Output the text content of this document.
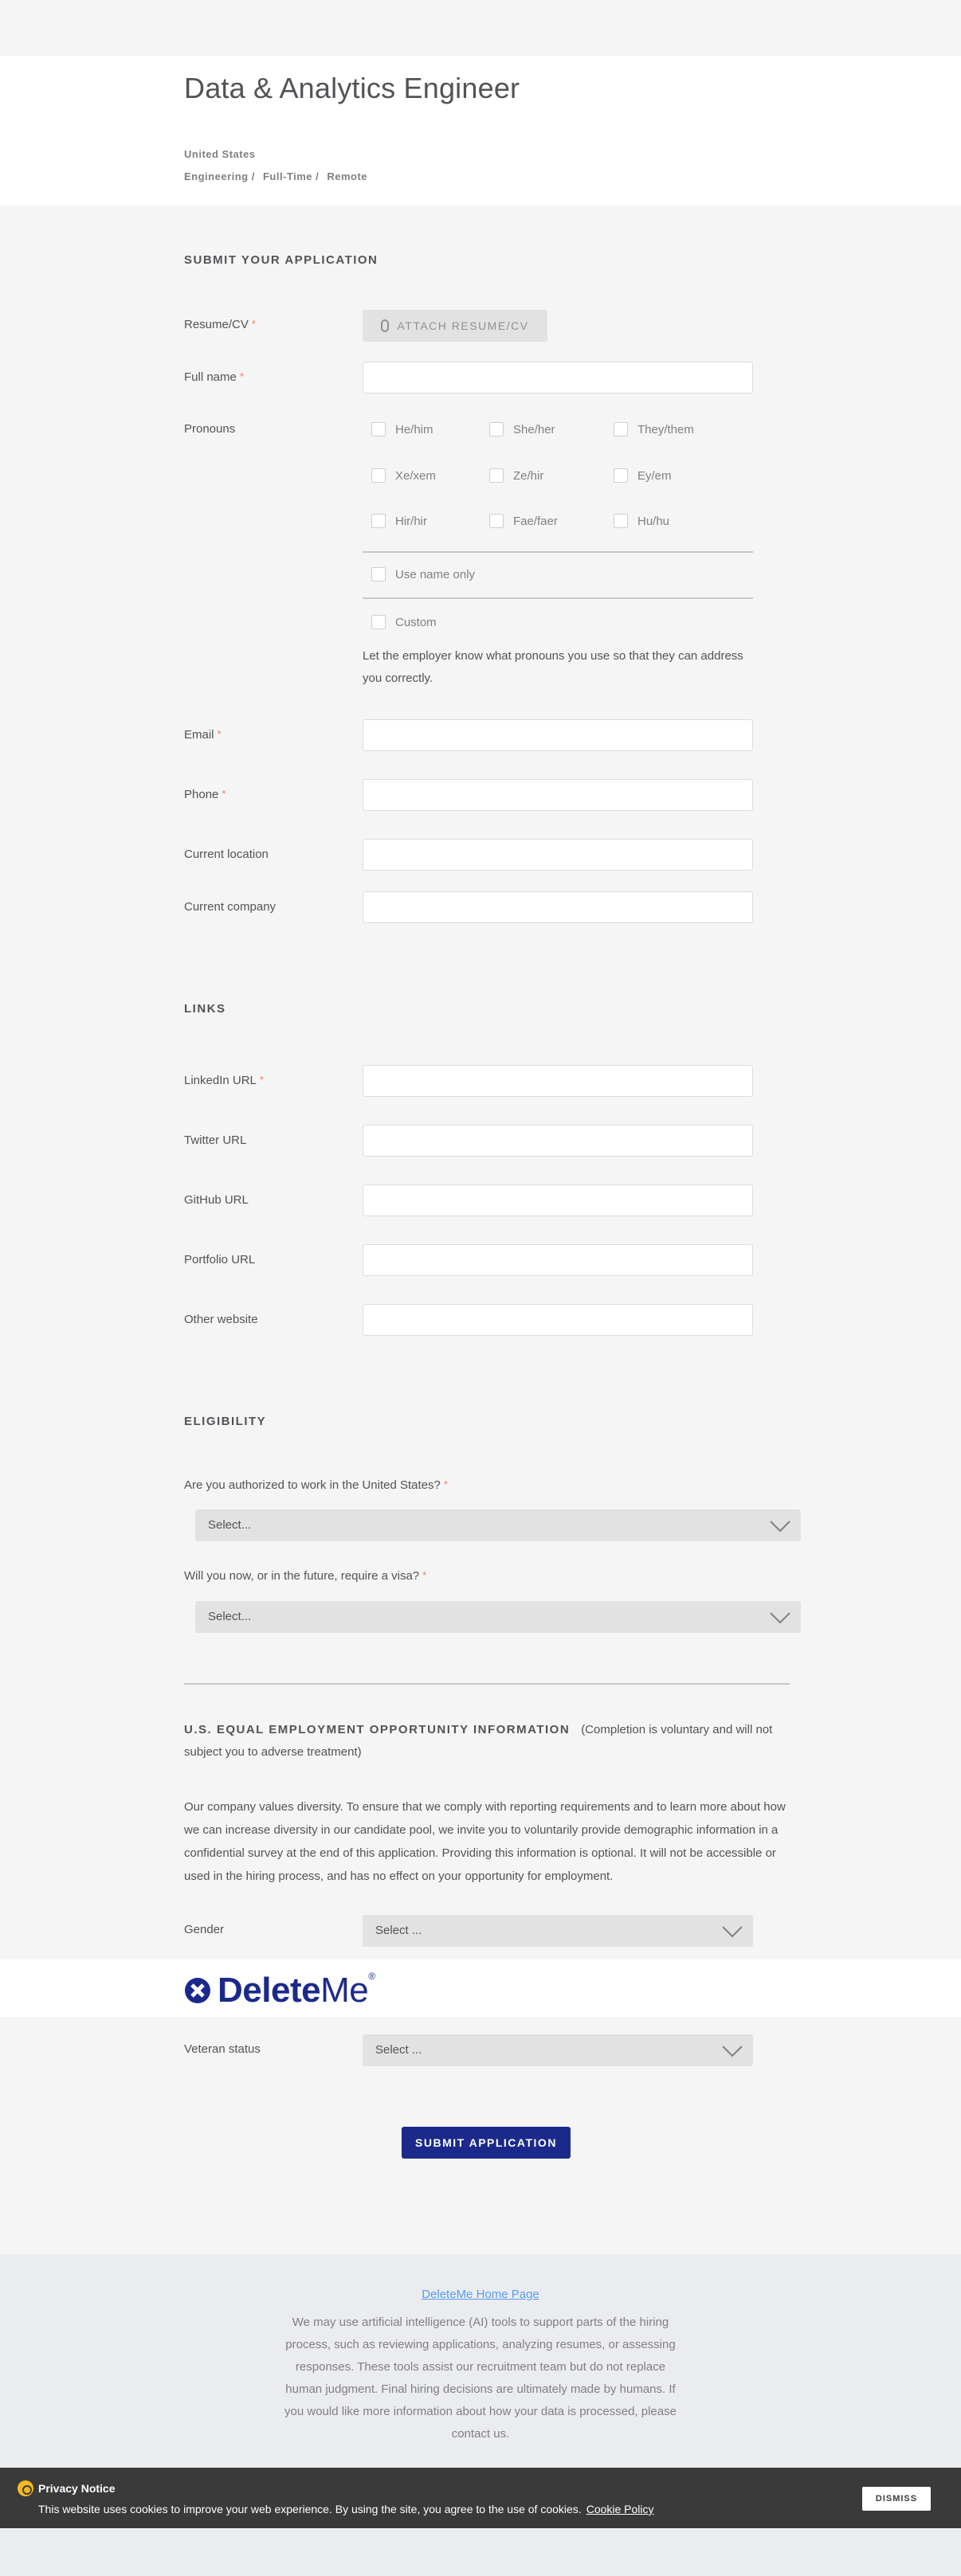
Data & Analytics Engineer
United States
Engineering / Full-Time / Remote
SUBMIT YOUR APPLICATION
Resume/CV *	ATTACH RESUME/CV
Full name *
Pronouns	He/him	She/her	They/them
Xe/xem	Ze/hir	Ey/em
Hir/hir	Fae/faer	Hu/hu
Use name only
Custom
Let the employer know what pronouns you use so that they can address you correctly.
Email *
Phone *
Current location
Current company
LINKS
LinkedIn URL *
Twitter URL
GitHub URL
Portfolio URL
Other website
ELIGIBILITY
Are you authorized to work in the United States? *
Select...
Will you now, or in the future, require a visa? *
Select...
U.S. EQUAL EMPLOYMENT OPPORTUNITY INFORMATION (Completion is voluntary and will not subject you to adverse treatment)
Our company values diversity. To ensure that we comply with reporting requirements and to learn more about how we can increase diversity in our candidate pool, we invite you to voluntarily provide demographic information in a confidential survey at the end of this application. Providing this information is optional. It will not be accessible or used in the hiring process, and has no effect on your opportunity for employment.
Gender	Select ...
DeleteMe®
Veteran status	Select ...
SUBMIT APPLICATION
DeleteMe Home Page
We may use artificial intelligence (AI) tools to support parts of the hiring process, such as reviewing applications, analyzing resumes, or assessing responses. These tools assist our recruitment team but do not replace human judgment. Final hiring decisions are ultimately made by humans. If you would like more information about how your data is processed, please contact us.
Privacy Notice
This website uses cookies to improve your web experience. By using the site, you agree to the use of cookies. Cookie Policy
DISMISS
